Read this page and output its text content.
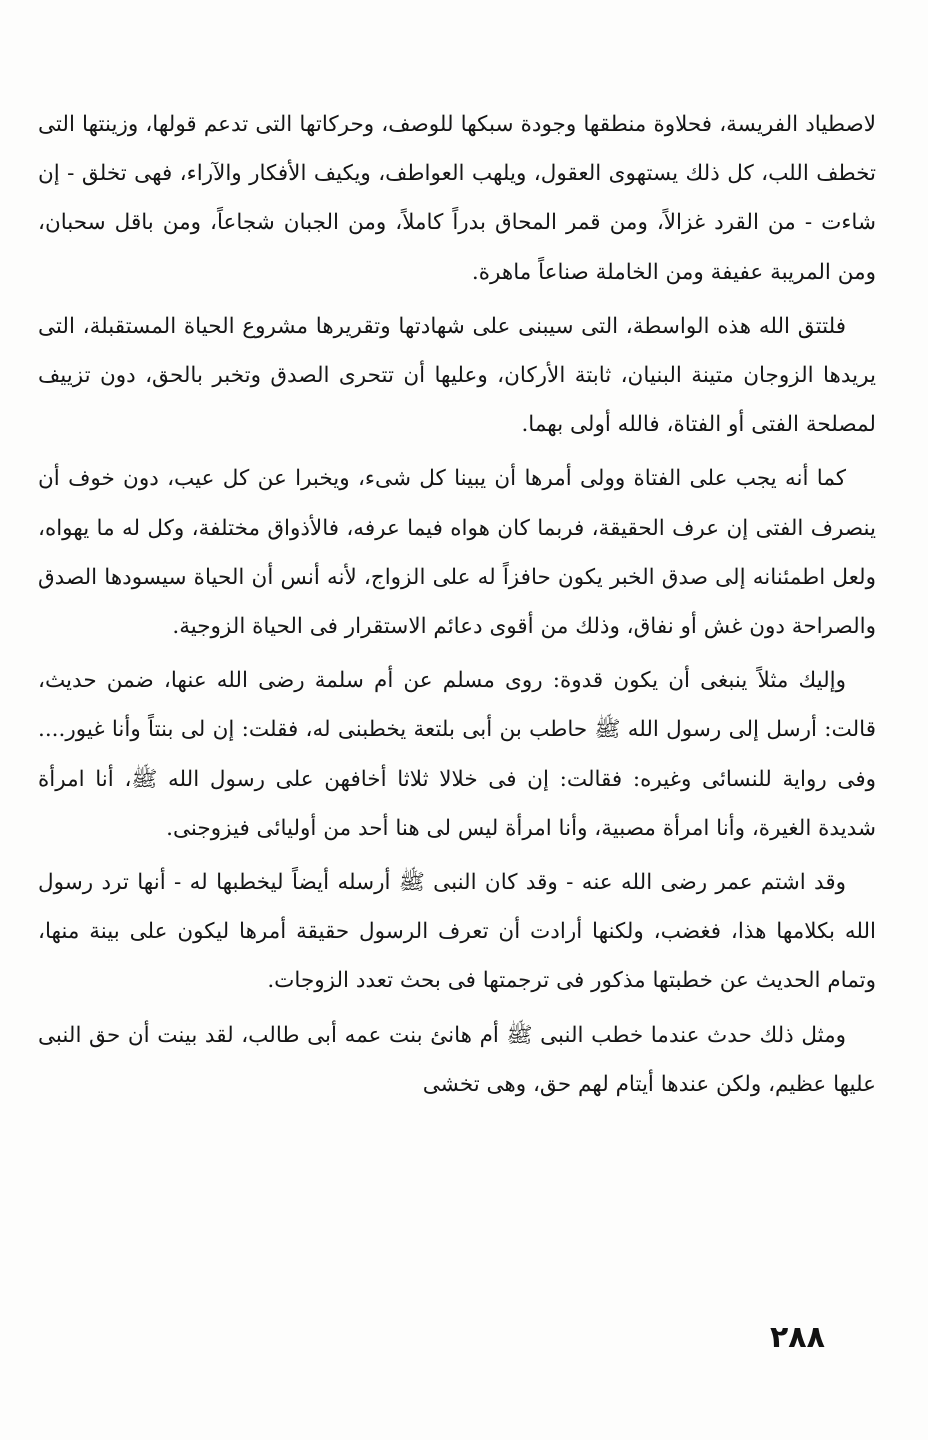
لاصطياد الفريسة، فحلاوة منطقها وجودة سبكها للوصف، وحركاتها التى تدعم قولها، وزينتها التى تخطف اللب، كل ذلك يستهوى العقول، ويلهب العواطف، ويكيف الأفكار والآراء، فهى تخلق - إن شاءت - من القرد غزالاً، ومن قمر المحاق بدراً كاملاً، ومن الجبان شجاعاً، ومن باقل سحبان، ومن المريبة عفيفة ومن الخاملة صناعاً ماهرة.

فلتتق الله هذه الواسطة، التى سيبنى على شهادتها وتقريرها مشروع الحياة المستقبلة، التى يريدها الزوجان متينة البنيان، ثابتة الأركان، وعليها أن تتحرى الصدق وتخبر بالحق، دون تزييف لمصلحة الفتى أو الفتاة، فالله أولى بهما.

كما أنه يجب على الفتاة وولى أمرها أن يبينا كل شىء، ويخبرا عن كل عيب، دون خوف أن ينصرف الفتى إن عرف الحقيقة، فربما كان هواه فيما عرفه، فالأذواق مختلفة، وكل له ما يهواه، ولعل اطمئنانه إلى صدق الخبر يكون حافزاً له على الزواج، لأنه أنس أن الحياة سيسودها الصدق والصراحة دون غش أو نفاق، وذلك من أقوى دعائم الاستقرار فى الحياة الزوجية.

وإليك مثلاً ينبغى أن يكون قدوة: روى مسلم عن أم سلمة رضى الله عنها، ضمن حديث، قالت: أرسل إلى رسول الله ﷺ حاطب بن أبى بلتعة يخطبنى له، فقلت: إن لى بنتاً وأنا غيور.... وفى رواية للنسائى وغيره: فقالت: إن فى خلالا ثلاثا أخافهن على رسول الله ﷺ، أنا امرأة شديدة الغيرة، وأنا امرأة مصبية، وأنا امرأة ليس لى هنا أحد من أوليائى فيزوجنى.

وقد اشتم عمر رضى الله عنه - وقد كان النبى ﷺ أرسله أيضاً ليخطبها له - أنها ترد رسول الله بكلامها هذا، فغضب، ولكنها أرادت أن تعرف الرسول حقيقة أمرها ليكون على بينة منها، وتمام الحديث عن خطبتها مذكور فى ترجمتها فى بحث تعدد الزوجات.

ومثل ذلك حدث عندما خطب النبى ﷺ أم هانئ بنت عمه أبى طالب، لقد بينت أن حق النبى عليها عظيم، ولكن عندها أيتام لهم حق، وهى تخشى

٢٨٨
